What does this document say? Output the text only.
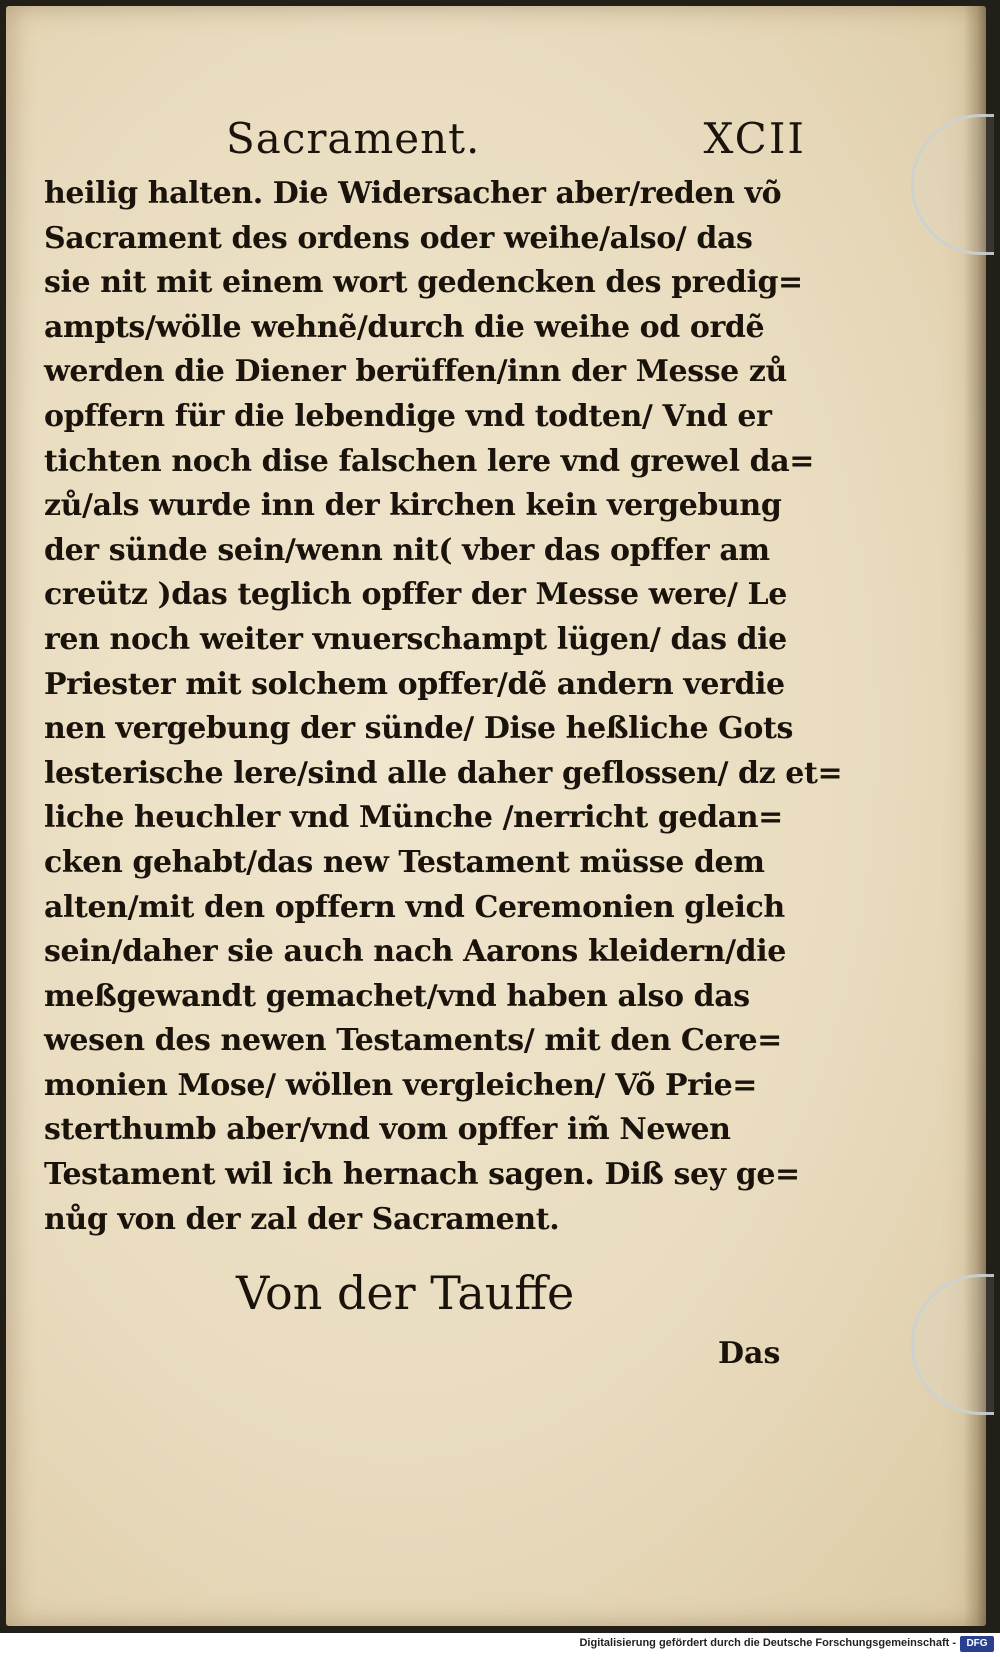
Sacrament.	XCII
heilig halten. Die Widersacher aber/reden võ
Sacrament des ordens oder weihe/also/ das
sie nit mit einem wort gedencken des predig=
ampts/wölle wehnẽ/durch die weihe od ordẽ
werden die Diener berüffen/inn der Messe zů
opffern für die lebendige vnd todten/ Vnd er
tichten noch dise falschen lere vnd grewel da=
zů/als wurde inn der kirchen kein vergebung
der sünde sein/wenn nit( vber das opffer am
creütz )das teglich opffer der Messe were/ Le
ren noch weiter vnuerschampt lügen/ das die
Priester mit solchem opffer/dẽ andern verdie
nen vergebung der sünde/ Dise heßliche Gots
lesterische lere/sind alle daher geflossen/ dz et=
liche heuchler vnd Münche /nerricht gedan=
cken gehabt/das new Testament müsse dem
alten/mit den opffern vnd Ceremonien gleich
sein/daher sie auch nach Aarons kleidern/die
meßgewandt gemachet/vnd haben also das
wesen des newen Testaments/ mit den Cere=
monien Mose/ wöllen vergleichen/ Võ Prie=
sterthumb aber/vnd vom opffer im̃ Newen
Testament wil ich hernach sagen. Diß sey ge=
nůg von der zal der Sacrament.
Von der Tauffe
Das
Digitalisierung gefördert durch die Deutsche Forschungsgemeinschaft -	DFG
